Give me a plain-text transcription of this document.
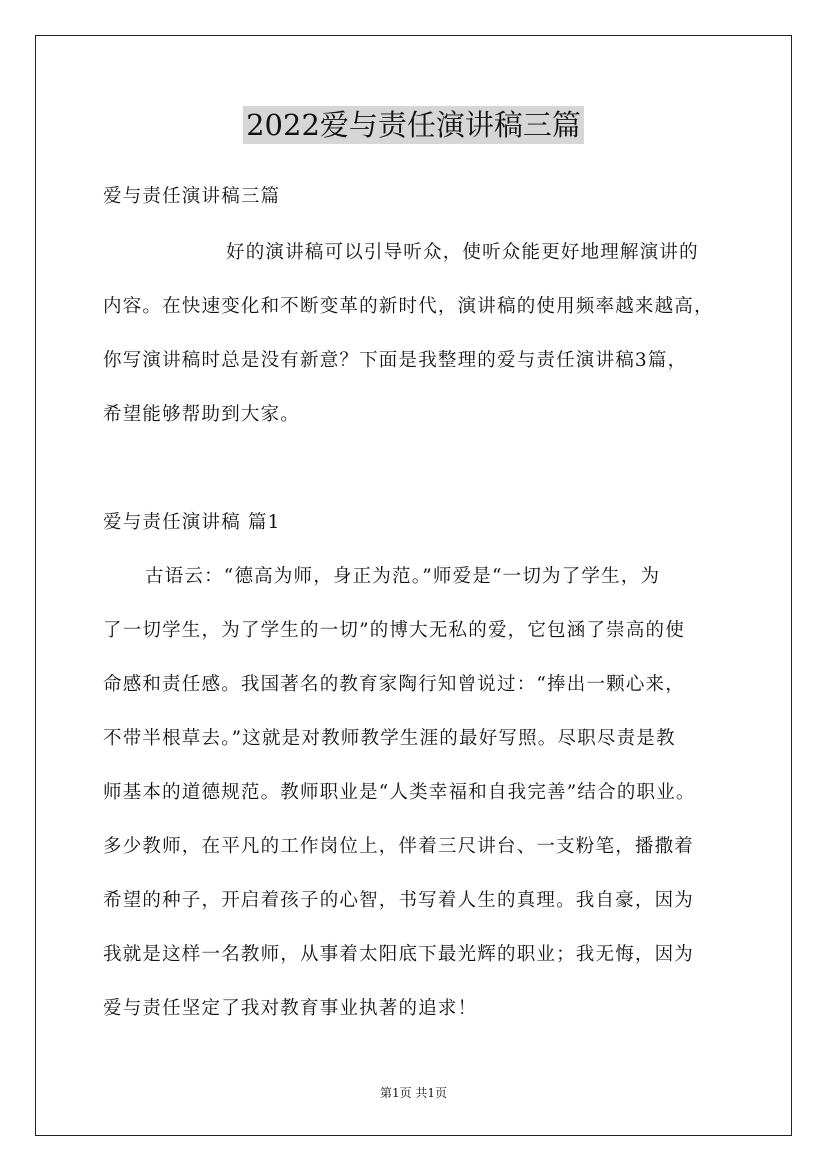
2022爱与责任演讲稿三篇
爱与责任演讲稿三篇
好的演讲稿可以引导听众，使听众能更好地理解演讲的
内容。在快速变化和不断变革的新时代，演讲稿的使用频率越来越高，
你写演讲稿时总是没有新意？下面是我整理的爱与责任演讲稿3篇，
希望能够帮助到大家。
爱与责任演讲稿 篇1
古语云：“德高为师，身正为范。”师爱是“一切为了学生，为
了一切学生，为了学生的一切”的博大无私的爱，它包涵了崇高的使
命感和责任感。我国著名的教育家陶行知曾说过：“捧出一颗心来，
不带半根草去。”这就是对教师教学生涯的最好写照。尽职尽责是教
师基本的道德规范。教师职业是“人类幸福和自我完善”结合的职业。
多少教师，在平凡的工作岗位上，伴着三尺讲台、一支粉笔，播撒着
希望的种子，开启着孩子的心智，书写着人生的真理。我自豪，因为
我就是这样一名教师，从事着太阳底下最光辉的职业；我无悔，因为
爱与责任坚定了我对教育事业执著的追求！
第1页 共1页
